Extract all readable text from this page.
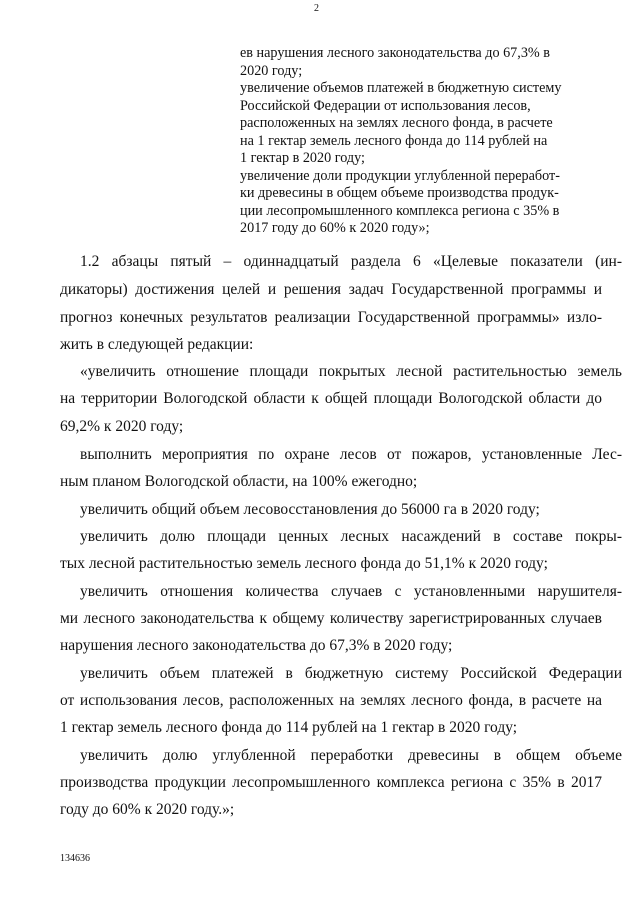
2
ев нарушения лесного законодательства до 67,3% в
2020 году;
увеличение объемов платежей в бюджетную систему
Российской Федерации от использования лесов,
расположенных на землях лесного фонда, в расчете
на 1 гектар земель лесного фонда до 114 рублей на
1 гектар в 2020 году;
увеличение доли продукции углубленной переработ-
ки древесины в общем объеме производства продук-
ции лесопромышленного комплекса региона с 35% в
2017 году до 60% к 2020 году»;
1.2 абзацы пятый – одиннадцатый раздела 6 «Целевые показатели (ин-
дикаторы) достижения целей и решения задач Государственной программы и
прогноз конечных результатов реализации Государственной программы» излo-
жить в следующей редакции:
«увеличить отношение площади покрытых лесной растительностью земель
на территории Вологодской области к общей площади Вологодской области до
69,2% к 2020 году;
выполнить мероприятия по охране лесов от пожаров, установленные Лес-
ным планом Вологодской области, на 100% ежегодно;
увеличить общий объем лесовосстановления до 56000 га в 2020 году;
увеличить долю площади ценных лесных насаждений в составе покры-
тых лесной растительностью земель лесного фонда до 51,1% к 2020 году;
увеличить отношения количества случаев с установленными нарушителя-
ми лесного законодательства к общему количеству зарегистрированных случаев
нарушения лесного законодательства до 67,3% в 2020 году;
увеличить объем платежей в бюджетную систему Российской Федерации
от использования лесов, расположенных на землях лесного фонда, в расчете на
1 гектар земель лесного фонда до 114 рублей на 1 гектар в 2020 году;
увеличить долю углубленной переработки древесины в общем объеме
производства продукции лесопромышленного комплекса региона с 35% в 2017
году до 60% к 2020 году.»;
134636
